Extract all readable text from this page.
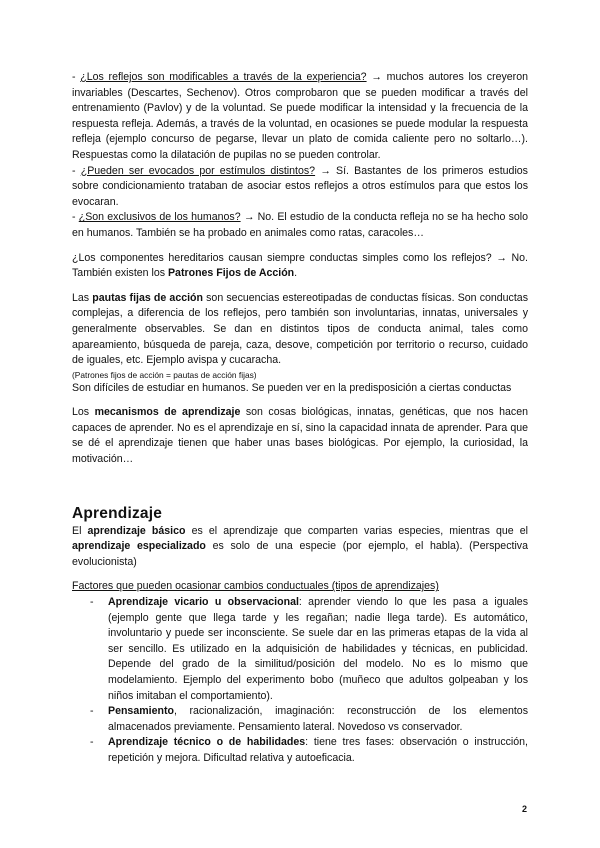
- ¿Los reflejos son modificables a través de la experiencia? → muchos autores los creyeron invariables (Descartes, Sechenov). Otros comprobaron que se pueden modificar a través del entrenamiento (Pavlov) y de la voluntad. Se puede modificar la intensidad y la frecuencia de la respuesta refleja. Además, a través de la voluntad, en ocasiones se puede modular la respuesta refleja (ejemplo concurso de pegarse, llevar un plato de comida caliente pero no soltarlo…). Respuestas como la dilatación de pupilas no se pueden controlar.

- ¿Pueden ser evocados por estímulos distintos? → Sí. Bastantes de los primeros estudios sobre condicionamiento trataban de asociar estos reflejos a otros estímulos para que estos los evocaran.

- ¿Son exclusivos de los humanos? → No. El estudio de la conducta refleja no se ha hecho solo en humanos. También se ha probado en animales como ratas, caracoles…

¿Los componentes hereditarios causan siempre conductas simples como los reflejos? → No. También existen los Patrones Fijos de Acción.

Las pautas fijas de acción son secuencias estereotipadas de conductas físicas. Son conductas complejas, a diferencia de los reflejos, pero también son involuntarias, innatas, universales y generalmente observables. Se dan en distintos tipos de conducta animal, tales como apareamiento, búsqueda de pareja, caza, desove, competición por territorio o recurso, cuidado de iguales, etc. Ejemplo avispa y cucaracha.

(Patrones fijos de acción = pautas de acción fijas)

Son difíciles de estudiar en humanos. Se pueden ver en la predisposición a ciertas conductas

Los mecanismos de aprendizaje son cosas biológicas, innatas, genéticas, que nos hacen capaces de aprender. No es el aprendizaje en sí, sino la capacidad innata de aprender. Para que se dé el aprendizaje tienen que haber unas bases biológicas. Por ejemplo, la curiosidad, la motivación…

Aprendizaje

El aprendizaje básico es el aprendizaje que comparten varias especies, mientras que el aprendizaje especializado es solo de una especie (por ejemplo, el habla). (Perspectiva evolucionista)

Factores que pueden ocasionar cambios conductuales (tipos de aprendizajes)

- Aprendizaje vicario u observacional: aprender viendo lo que les pasa a iguales (ejemplo gente que llega tarde y les regañan; nadie llega tarde). Es automático, involuntario y puede ser inconsciente. Se suele dar en las primeras etapas de la vida al ser sencillo. Es utilizado en la adquisición de habilidades y técnicas, en publicidad. Depende del grado de la similitud/posición del modelo. No es lo mismo que modelamiento. Ejemplo del experimento bobo (muñeco que adultos golpeaban y los niños imitaban el comportamiento).
- Pensamiento, racionalización, imaginación: reconstrucción de los elementos almacenados previamente. Pensamiento lateral. Novedoso vs conservador.
- Aprendizaje técnico o de habilidades: tiene tres fases: observación o instrucción, repetición y mejora. Dificultad relativa y autoeficacia.
2
